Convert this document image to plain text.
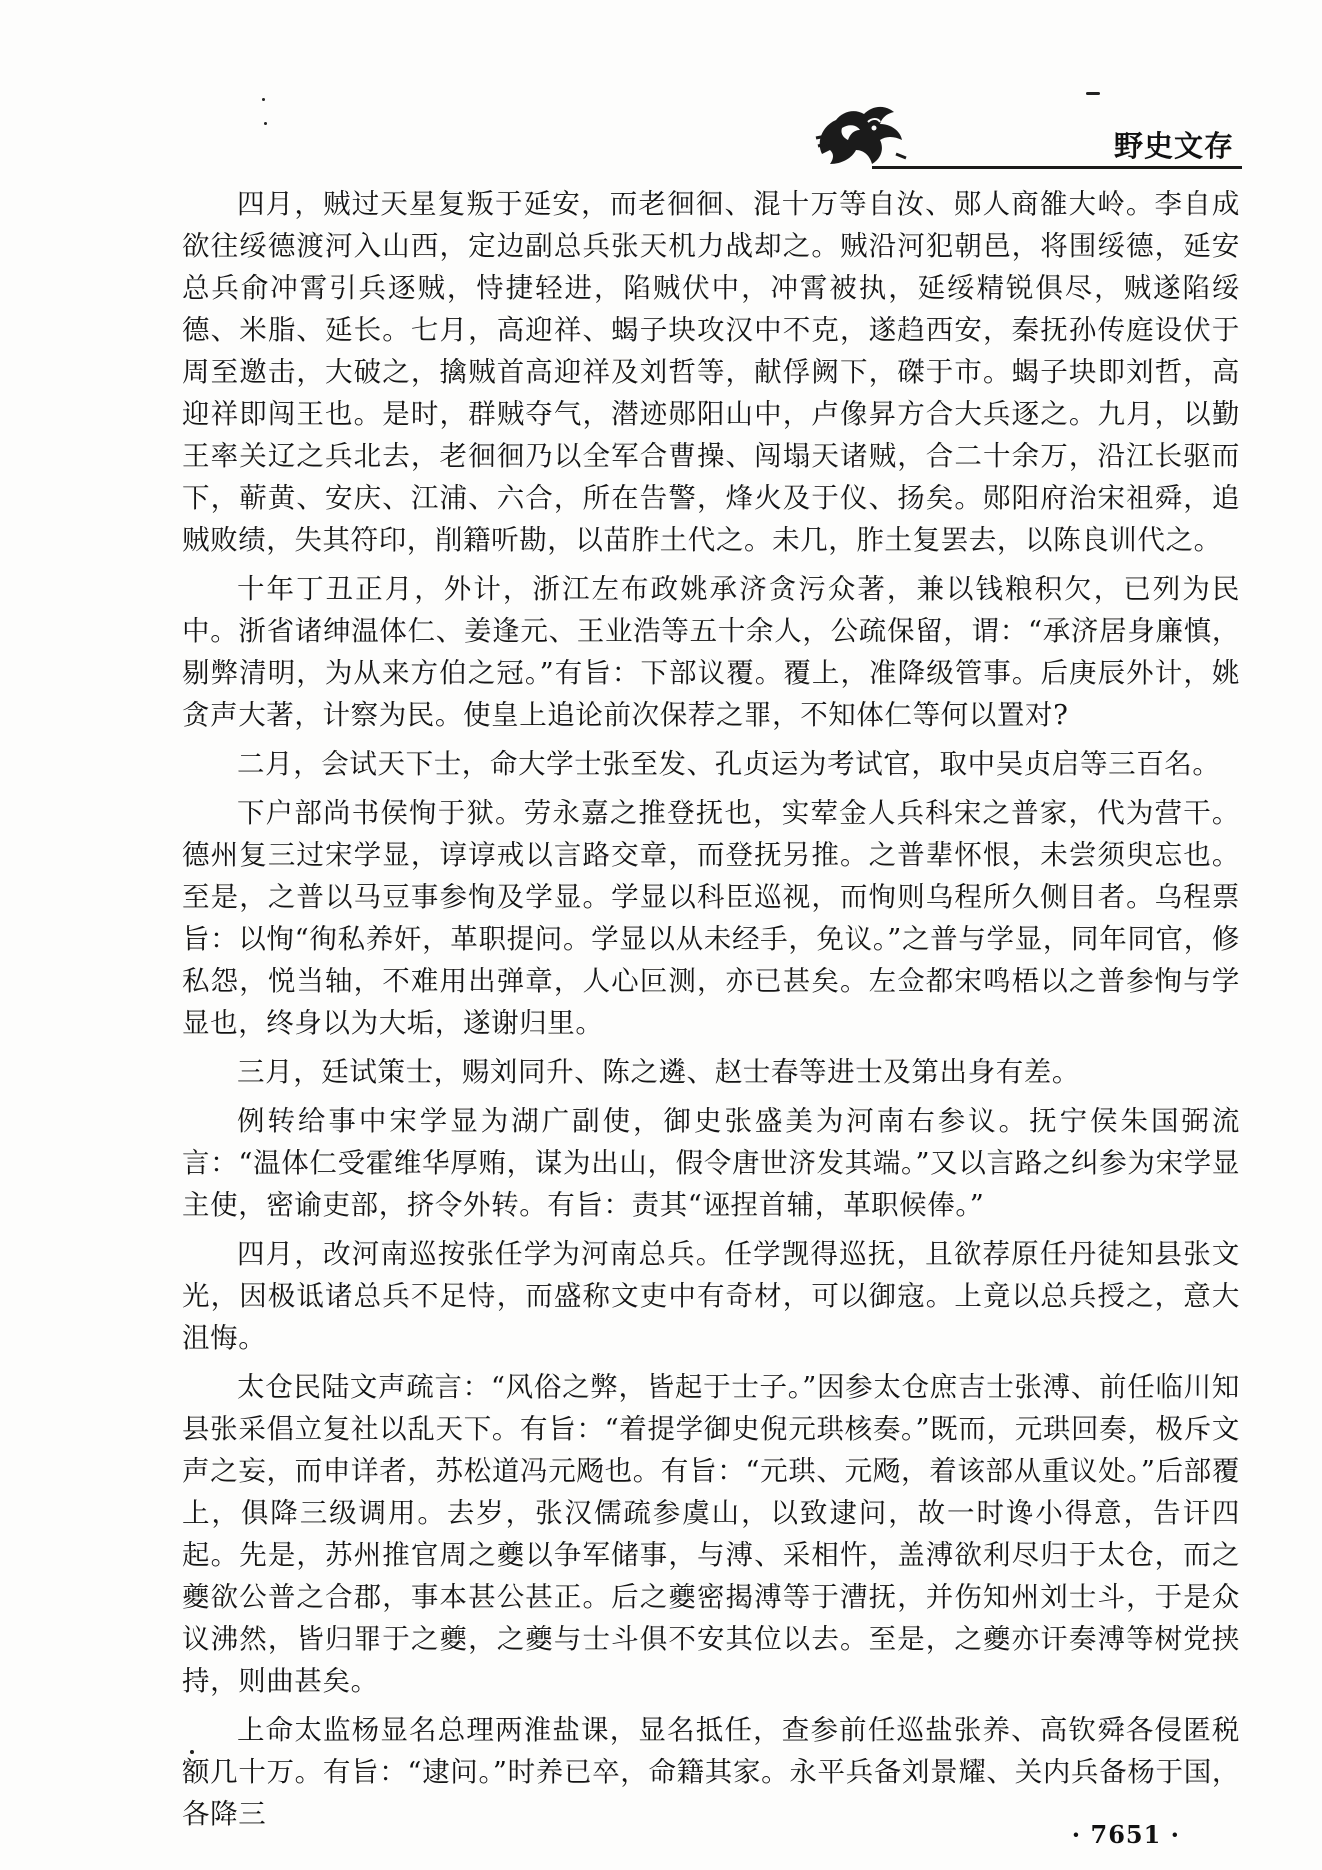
野史文存

四月，贼过天星复叛于延安，而老徊徊、混十万等自汝、郧人商雒大岭。李自成欲往绥德渡河入山西，定边副总兵张天机力战却之。贼沿河犯朝邑，将围绥德，延安总兵俞冲霄引兵逐贼，恃捷轻进，陷贼伏中，冲霄被执，延绥精锐俱尽，贼遂陷绥德、米脂、延长。七月，高迎祥、蝎子块攻汉中不克，遂趋西安，秦抚孙传庭设伏于周至邀击，大破之，擒贼首高迎祥及刘哲等，献俘阙下，磔于市。蝎子块即刘哲，高迎祥即闯王也。是时，群贼夺气，潜迹郧阳山中，卢像昇方合大兵逐之。九月，以勤王率关辽之兵北去，老徊徊乃以全军合曹操、闯塌天诸贼，合二十余万，沿江长驱而下，蕲黄、安庆、江浦、六合，所在告警，烽火及于仪、扬矣。郧阳府治宋祖舜，追贼败绩，失其符印，削籍听勘，以苗胙土代之。未几，胙土复罢去，以陈良训代之。

十年丁丑正月，外计，浙江左布政姚承济贪污众著，兼以钱粮积欠，已列为民中。浙省诸绅温体仁、姜逢元、王业浩等五十余人，公疏保留，谓：“承济居身廉慎，剔弊清明，为从来方伯之冠。”有旨：下部议覆。覆上，准降级管事。后庚辰外计，姚贪声大著，计察为民。使皇上追论前次保荐之罪，不知体仁等何以置对?

二月，会试天下士，命大学士张至发、孔贞运为考试官，取中吴贞启等三百名。

下户部尚书侯恂于狱。劳永嘉之推登抚也，实荤金人兵科宋之普家，代为营干。德州复三过宋学显，谆谆戒以言路交章，而登抚另推。之普辈怀恨，未尝须臾忘也。至是，之普以马豆事参恂及学显。学显以科臣巡视，而恂则乌程所久侧目者。乌程票旨：以恂“徇私养奸，革职提问。学显以从未经手，免议。”之普与学显，同年同官，修私怨，悦当轴，不难用出弹章，人心叵测，亦已甚矣。左佥都宋鸣梧以之普参恂与学显也，终身以为大垢，遂谢归里。

三月，廷试策士，赐刘同升、陈之遴、赵士春等进士及第出身有差。

例转给事中宋学显为湖广副使，御史张盛美为河南右参议。抚宁侯朱国弼流言：“温体仁受霍维华厚贿，谋为出山，假令唐世济发其端。”又以言路之纠参为宋学显主使，密谕吏部，挤令外转。有旨：责其“诬捏首辅，革职候俸。”

四月，改河南巡按张任学为河南总兵。任学觊得巡抚，且欲荐原任丹徒知县张文光，因极诋诸总兵不足恃，而盛称文吏中有奇材，可以御寇。上竟以总兵授之，意大沮悔。

太仓民陆文声疏言：“风俗之弊，皆起于士子。”因参太仓庶吉士张溥、前任临川知县张采倡立复社以乱天下。有旨：“着提学御史倪元珙核奏。”既而，元珙回奏，极斥文声之妄，而申详者，苏松道冯元飏也。有旨：“元珙、元飏，着该部从重议处。”后部覆上，俱降三级调用。去岁，张汉儒疏参虞山，以致逮问，故一时谗小得意，告讦四起。先是，苏州推官周之夔以争军储事，与溥、采相忤，盖溥欲利尽归于太仓，而之夔欲公普之合郡，事本甚公甚正。后之夔密揭溥等于漕抚，并伤知州刘士斗，于是众议沸然，皆归罪于之夔，之夔与士斗俱不安其位以去。至是，之夔亦讦奏溥等树党挟持，则曲甚矣。

上命太监杨显名总理两淮盐课，显名抵任，查参前任巡盐张养、高钦舜各侵匿税额几十万。有旨：“逮问。”时养已卒，命籍其家。永平兵备刘景耀、关内兵备杨于国，各降三

· 7651 ·
